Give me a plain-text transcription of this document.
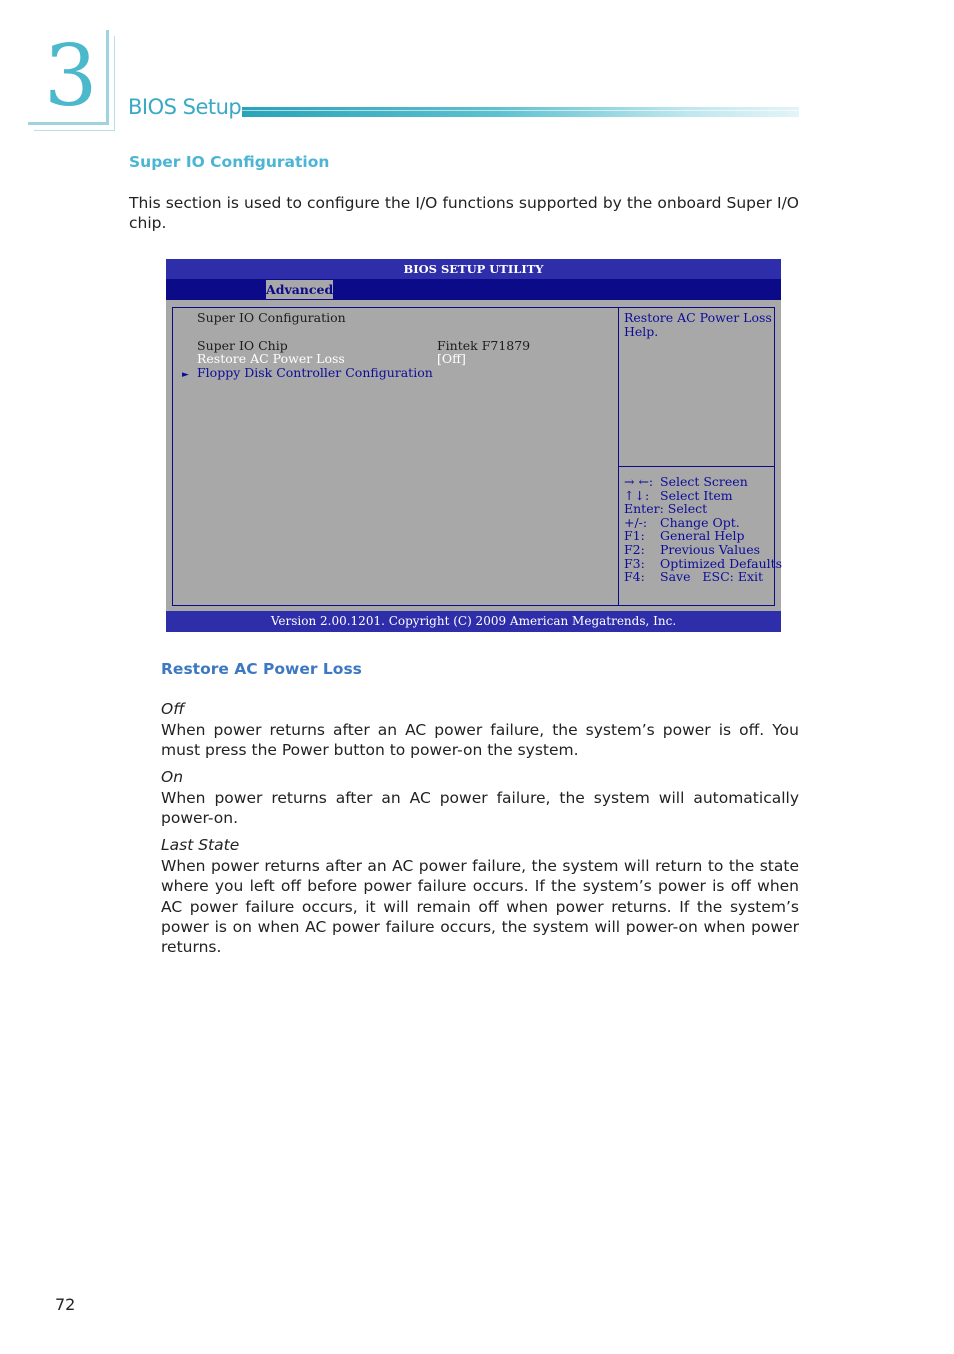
3 BIOS Setup
Super IO Configuration
This section is used to configure the I/O functions supported by the onboard Super I/O chip.
BIOS SETUP UTILITY
Advanced
Super IO Configuration
Super IO Chip	Fintek F71879
Restore AC Power Loss	[Off]
► Floppy Disk Controller Configuration
Restore AC Power Loss
Help.
→ ←: Select Screen
↑↓: Select Item
Enter: Select
+/-: Change Opt.
F1: General Help
F2: Previous Values
F3: Optimized Defaults
F4: Save   ESC: Exit
Version 2.00.1201. Copyright (C) 2009 American Megatrends, Inc.
Restore AC Power Loss
Off
When power returns after an AC power failure, the system’s power is off. You must press the Power button to power-on the system.
On
When power returns after an AC power failure, the system will automatically power-on.
Last State
When power returns after an AC power failure, the system will return to the state where you left off before power failure occurs. If the system’s power is off when AC power failure occurs, it will remain off when power returns. If the system’s power is on when AC power failure occurs, the system will power-on when power returns.
72
